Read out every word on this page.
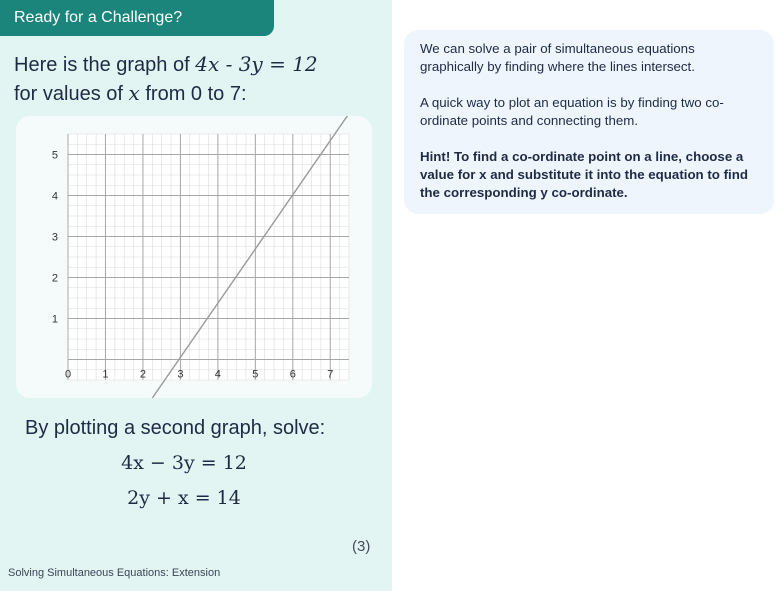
Ready for a Challenge?
Here is the graph of 4x - 3y = 12
for values of x from 0 to 7:
0	1	2	3	4	5	6	7
1
2
3
4
5
By plotting a second graph, solve:
4x − 3y = 12
2y + x = 14
(3)
Solving Simultaneous Equations: Extension
We can solve a pair of simultaneous equations graphically by finding where the lines intersect.
A quick way to plot an equation is by finding two co-ordinate points and connecting them.
Hint! To find a co-ordinate point on a line, choose a value for x and substitute it into the equation to find the corresponding y co-ordinate.
